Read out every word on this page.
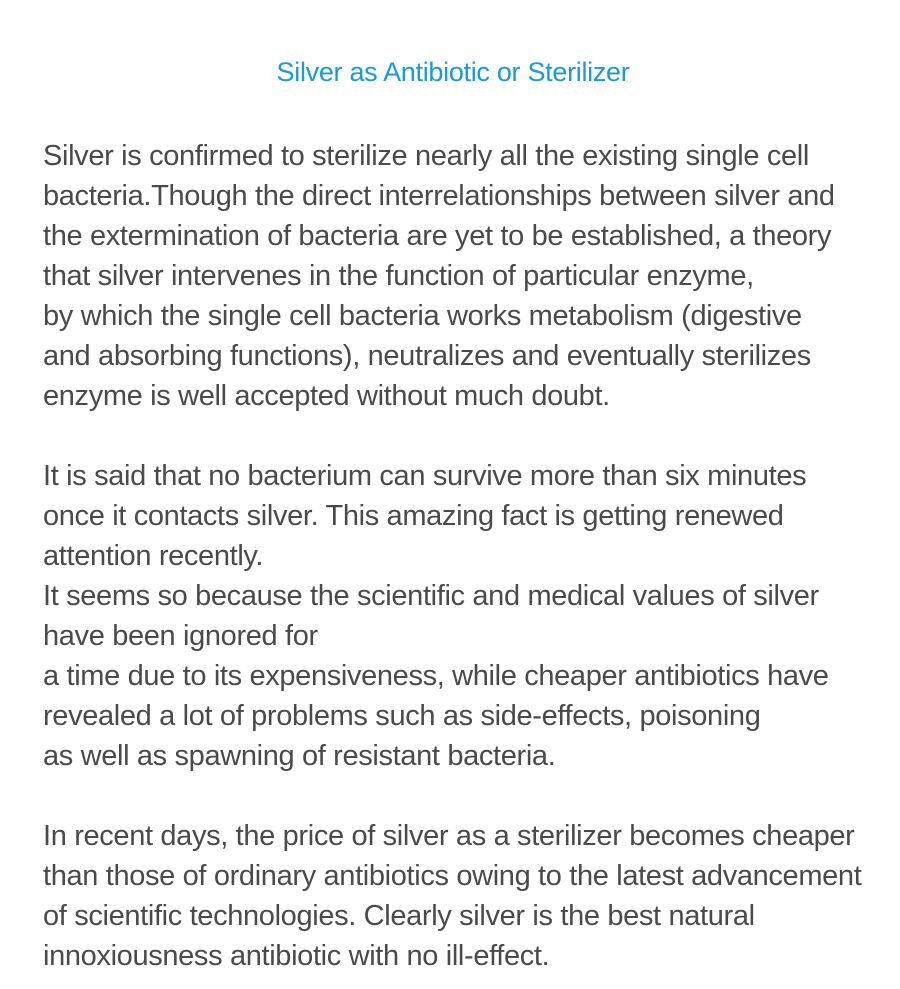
Silver as Antibiotic or Sterilizer
Silver is confirmed to sterilize nearly all the existing single cell
bacteria.Though the direct interrelationships between silver and
the extermination of bacteria are yet to be established, a theory
that silver intervenes in the function of particular enzyme,
by which the single cell bacteria works metabolism (digestive
and absorbing functions), neutralizes and eventually sterilizes
enzyme is well accepted without much doubt.
It is said that no bacterium can survive more than six minutes
once it contacts silver. This amazing fact is getting renewed
attention recently.
It seems so because the scientific and medical values of silver
have been ignored for
a time due to its expensiveness, while cheaper antibiotics have
revealed a lot of problems such as side-effects, poisoning
as well as spawning of resistant bacteria.
In recent days, the price of silver as a sterilizer becomes cheaper
than those of ordinary antibiotics owing to the latest advancement
of scientific technologies. Clearly silver is the best natural
innoxiousness antibiotic with no ill-effect.
